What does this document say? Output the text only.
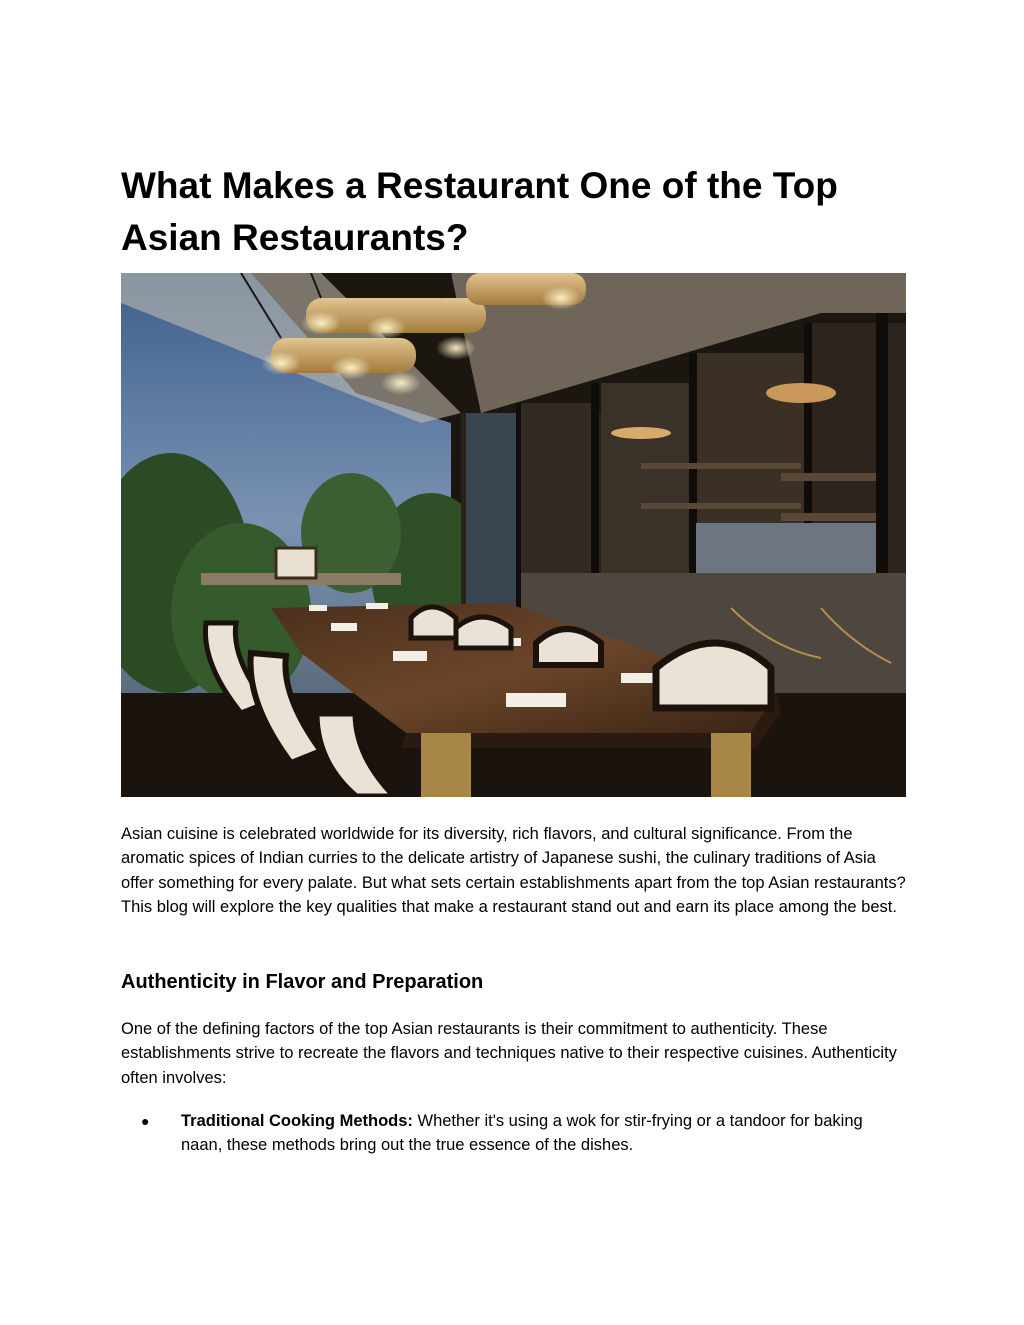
What Makes a Restaurant One of the Top Asian Restaurants?

Asian cuisine is celebrated worldwide for its diversity, rich flavors, and cultural significance. From the aromatic spices of Indian curries to the delicate artistry of Japanese sushi, the culinary traditions of Asia offer something for every palate. But what sets certain establishments apart from the top Asian restaurants? This blog will explore the key qualities that make a restaurant stand out and earn its place among the best.

Authenticity in Flavor and Preparation

One of the defining factors of the top Asian restaurants is their commitment to authenticity. These establishments strive to recreate the flavors and techniques native to their respective cuisines. Authenticity often involves:

● Traditional Cooking Methods: Whether it's using a wok for stir-frying or a tandoor for baking naan, these methods bring out the true essence of the dishes.
